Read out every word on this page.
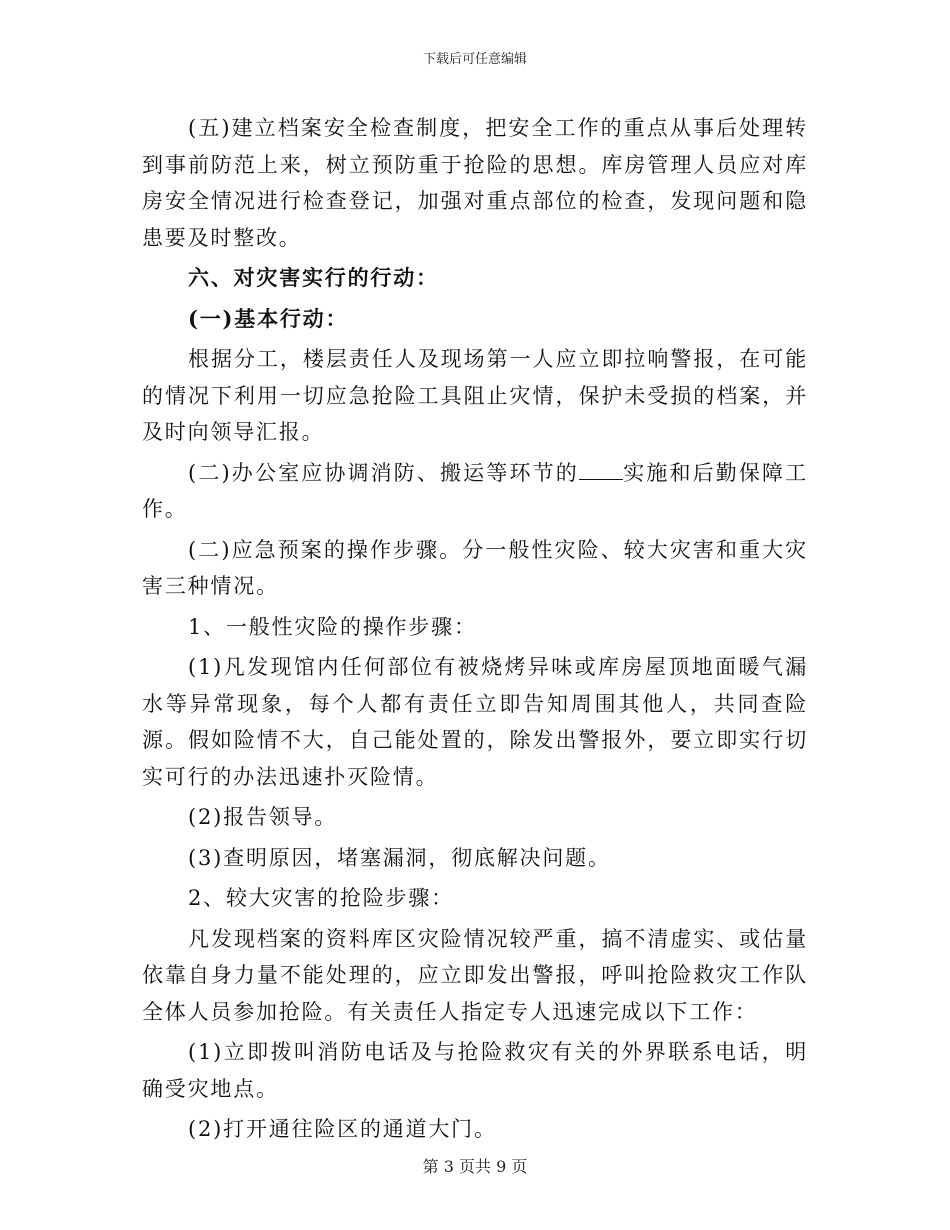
下载后可任意编辑

(五)建立档案安全检查制度，把安全工作的重点从事后处理转到事前防范上来，树立预防重于抢险的思想。库房管理人员应对库房安全情况进行检查登记，加强对重点部位的检查，发现问题和隐患要及时整改。

六、对灾害实行的行动：

(一)基本行动：

根据分工，楼层责任人及现场第一人应立即拉响警报，在可能的情况下利用一切应急抢险工具阻止灾情，保护未受损的档案，并及时向领导汇报。

(二)办公室应协调消防、搬运等环节的 实施和后勤保障工作。

(二)应急预案的操作步骤。分一般性灾险、较大灾害和重大灾害三种情况。

1、一般性灾险的操作步骤：

(1)凡发现馆内任何部位有被烧烤异味或库房屋顶地面暖气漏水等异常现象，每个人都有责任立即告知周围其他人，共同查险源。假如险情不大，自己能处置的，除发出警报外，要立即实行切实可行的办法迅速扑灭险情。

(2)报告领导。

(3)查明原因，堵塞漏洞，彻底解决问题。

2、较大灾害的抢险步骤：

凡发现档案的资料库区灾险情况较严重，搞不清虚实、或估量依靠自身力量不能处理的，应立即发出警报，呼叫抢险救灾工作队全体人员参加抢险。有关责任人指定专人迅速完成以下工作：

(1)立即拨叫消防电话及与抢险救灾有关的外界联系电话，明确受灾地点。

(2)打开通往险区的通道大门。

第 3 页共 9 页
